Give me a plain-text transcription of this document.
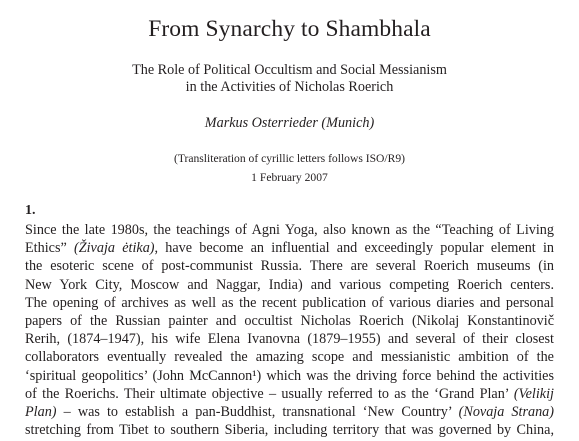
From Synarchy to Shambhala
The Role of Political Occultism and Social Messianism
in the Activities of Nicholas Roerich
Markus Osterrieder (Munich)
(Transliteration of cyrillic letters follows ISO/R9)
1 February 2007
1.
Since the late 1980s, the teachings of Agni Yoga, also known as the “Teaching of Living
Ethics” (Živaja ėtika), have become an influential and exceedingly popular element in
the esoteric scene of post-communist Russia. There are several Roerich museums (in
New York City, Moscow and Naggar, India) and various competing Roerich centers.
The opening of archives as well as the recent publication of various diaries and personal
papers of the Russian painter and occultist Nicholas Roerich (Nikolaj Konstantinovič
Rerih, (1874–1947), his wife Elena Ivanovna (1879–1955) and several of their closest
collaborators eventually revealed the amazing scope and messianistic ambition of the
‘spiritual geopolitics’ (John McCannon¹) which was the driving force behind the activities
of the Roerichs. Their ultimate objective – usually referred to as the ‘Grand Plan’ (Velikij
Plan) – was to establish a pan-Buddhist, transnational ‘New Country’ (Novaja Strana)
stretching from Tibet to southern Siberia, including territory that was governed by China,
